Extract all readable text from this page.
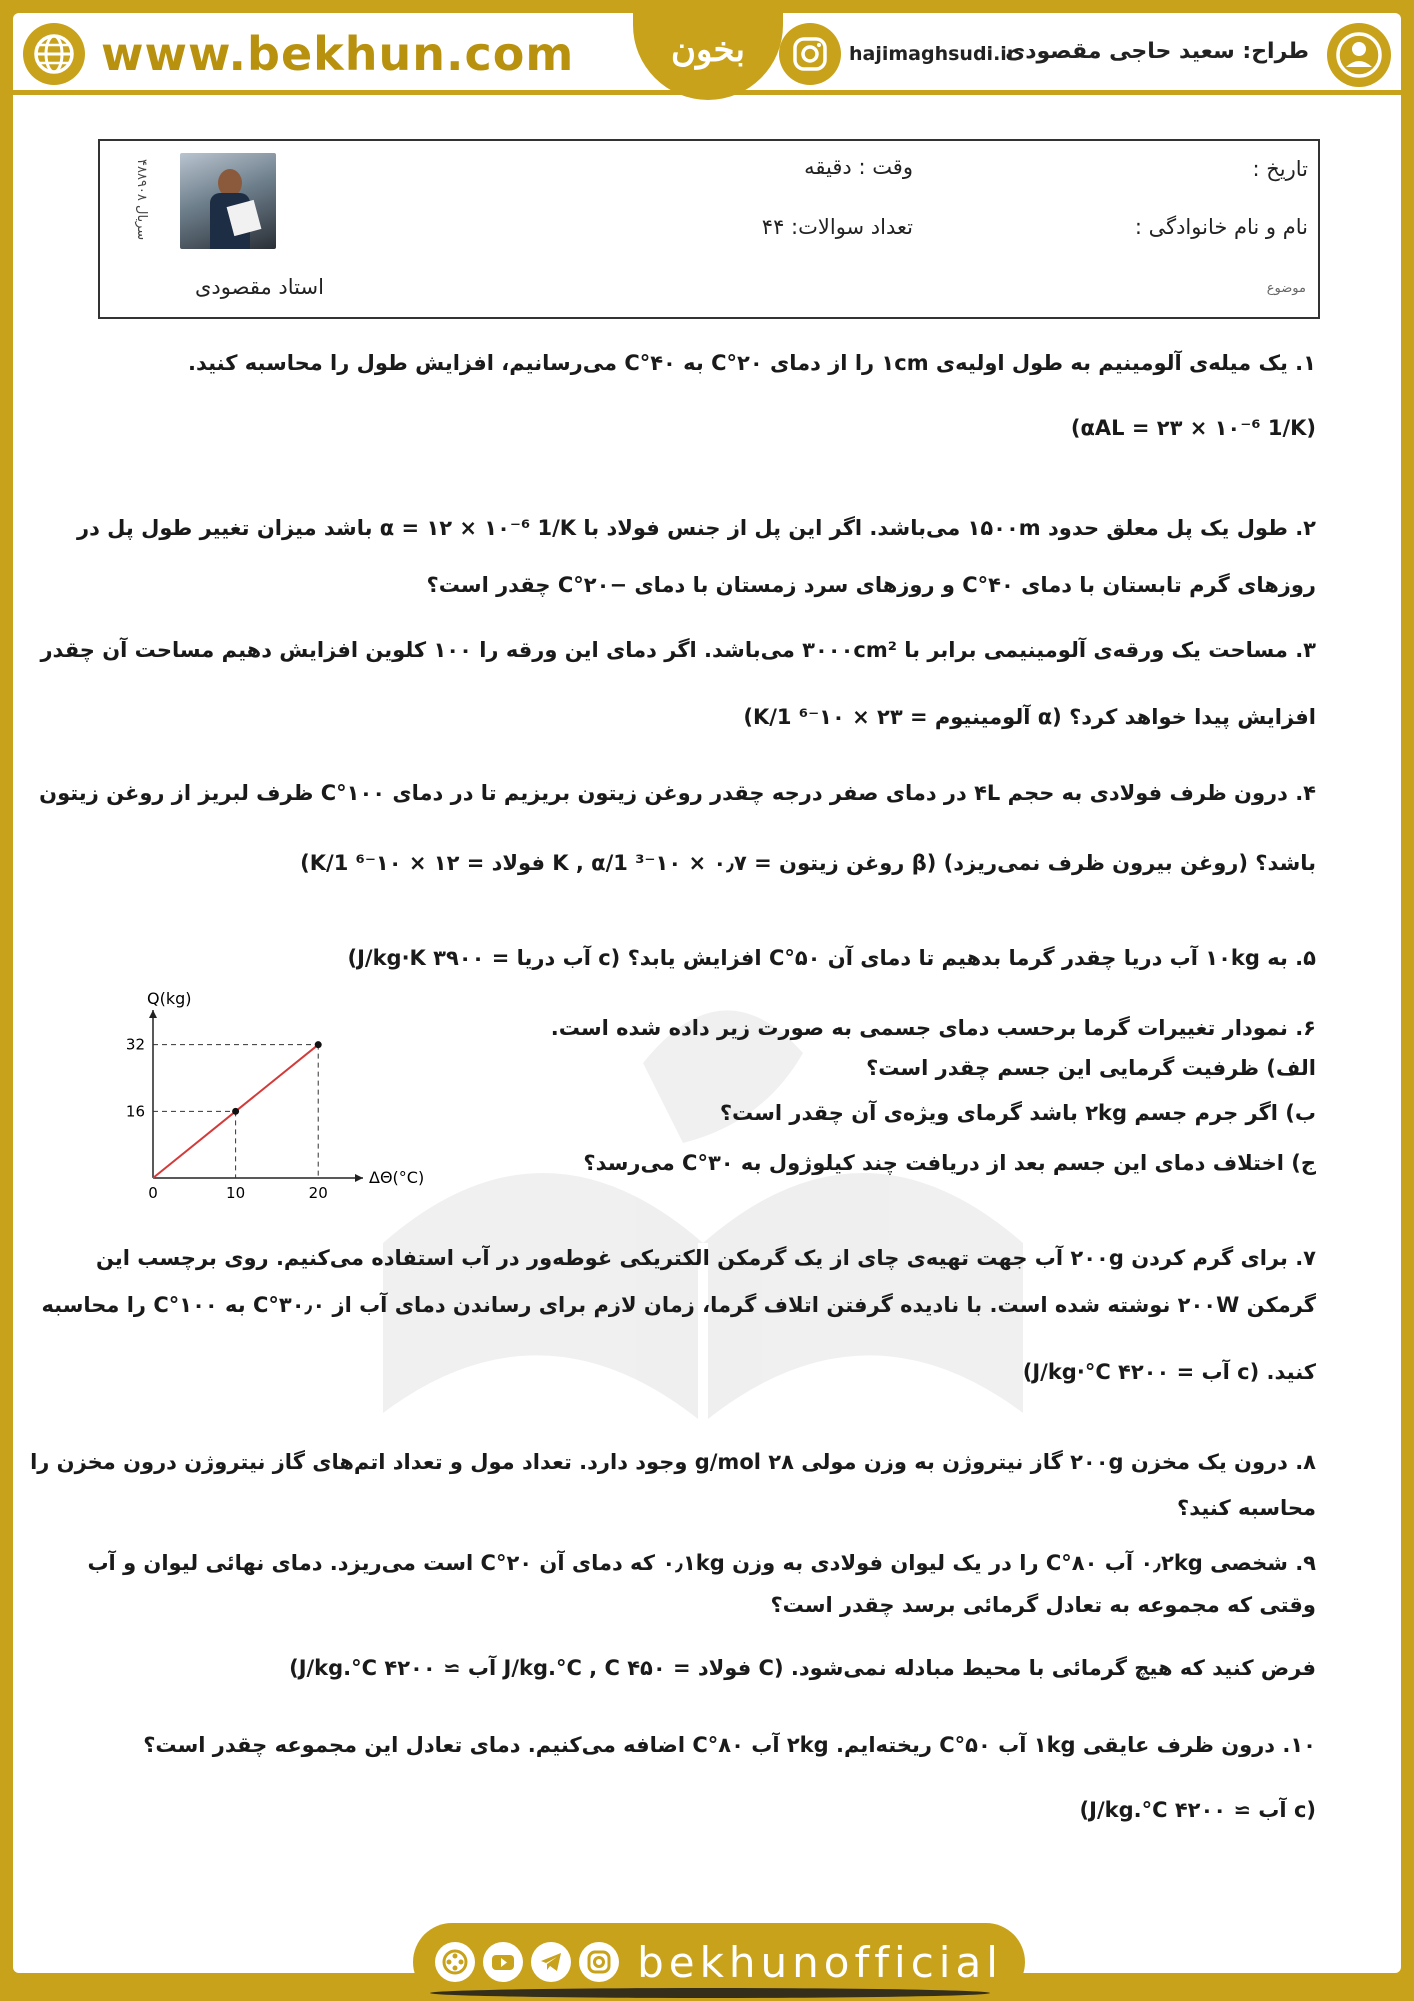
www.bekhun.com	بخون	hajimaghsudi.ir
طراح: سعید حاجی مقصودی
تاریخ :
وقت : دقیقه
نام و نام خانوادگی :
تعداد سوالات: ۴۴
موضوع
استاد مقصودی
سریال ۴۸۸۹۰۸
۱. یک میله‌ی آلومینیم به طول اولیه‌ی ۱cm را از دمای ۲۰°C به ۴۰°C می‌رسانیم، افزایش طول را محاسبه کنید.
(αAL = ۲۳ × ۱۰⁻⁶ 1/K)
۲. طول یک پل معلق حدود ۱۵۰۰m می‌باشد. اگر این پل از جنس فولاد با α = ۱۲ × ۱۰⁻⁶ 1/K باشد میزان تغییر طول پل در
روزهای گرم تابستان با دمای ۴۰°C و روزهای سرد زمستان با دمای −۲۰°C چقدر است؟
۳. مساحت یک ورقه‌ی آلومینیمی برابر با ۳۰۰۰cm² می‌باشد. اگر دمای این ورقه را ۱۰۰ کلوین افزایش دهیم مساحت آن چقدر
افزایش پیدا خواهد کرد؟ (α آلومینیوم = ۲۳ × ۱۰⁻⁶ 1/K)
۴. درون ظرف فولادی به حجم ۴L در دمای صفر درجه چقدر روغن زیتون بریزیم تا در دمای ۱۰۰°C ظرف لبریز از روغن زیتون
باشد؟ (روغن بیرون ظرف نمی‌ریزد) (β روغن زیتون = ۰٫۷ × ۱۰⁻³ 1/K , α فولاد = ۱۲ × ۱۰⁻⁶ 1/K)
۵. به ۱۰kg آب دریا چقدر گرما بدهیم تا دمای آن ۵۰°C افزایش یابد؟ (c آب دریا = ۳۹۰۰ J/kg·K)
۶. نمودار تغییرات گرما برحسب دمای جسمی به صورت زیر داده شده است.
الف) ظرفیت گرمایی این جسم چقدر است؟
ب) اگر جرم جسم ۲kg باشد گرمای ویژه‌ی آن چقدر است؟
ج) اختلاف دمای این جسم بعد از دریافت چند کیلوژول به ۳۰°C می‌رسد؟
۷. برای گرم کردن ۲۰۰g آب جهت تهیه‌ی چای از یک گرمکن الکتریکی غوطه‌ور در آب استفاده می‌کنیم. روی برچسب این
گرمکن ۲۰۰W نوشته شده است. با نادیده گرفتن اتلاف گرما، زمان لازم برای رساندن دمای آب از ۳۰٫۰°C به ۱۰۰°C را محاسبه
کنید. (c آب = ۴۲۰۰ J/kg·°C)
۸. درون یک مخزن ۲۰۰g گاز نیتروژن به وزن مولی ۲۸ g/mol وجود دارد. تعداد مول و تعداد اتم‌های گاز نیتروژن درون مخزن را
محاسبه کنید؟
۹. شخصی ۰٫۲kg آب ۸۰°C را در یک لیوان فولادی به وزن ۰٫۱kg که دمای آن ۲۰°C است می‌ریزد. دمای نهائی لیوان و آب
وقتی که مجموعه به تعادل گرمائی برسد چقدر است؟
فرض کنید که هیچ گرمائی با محیط مبادله نمی‌شود. (C فولاد = ۴۵۰ J/kg.°C , C آب ≃ ۴۲۰۰ J/kg.°C)
۱۰. درون ظرف عایقی ۱kg آب ۵۰°C ریخته‌ایم. ۲kg آب ۸۰°C اضافه می‌کنیم. دمای تعادل این مجموعه چقدر است؟
(c آب ≃ ۴۲۰۰ J/kg.°C)
Q(kg)
ΔΘ(°C)
0	10	20
16
32
bekhunofficial
